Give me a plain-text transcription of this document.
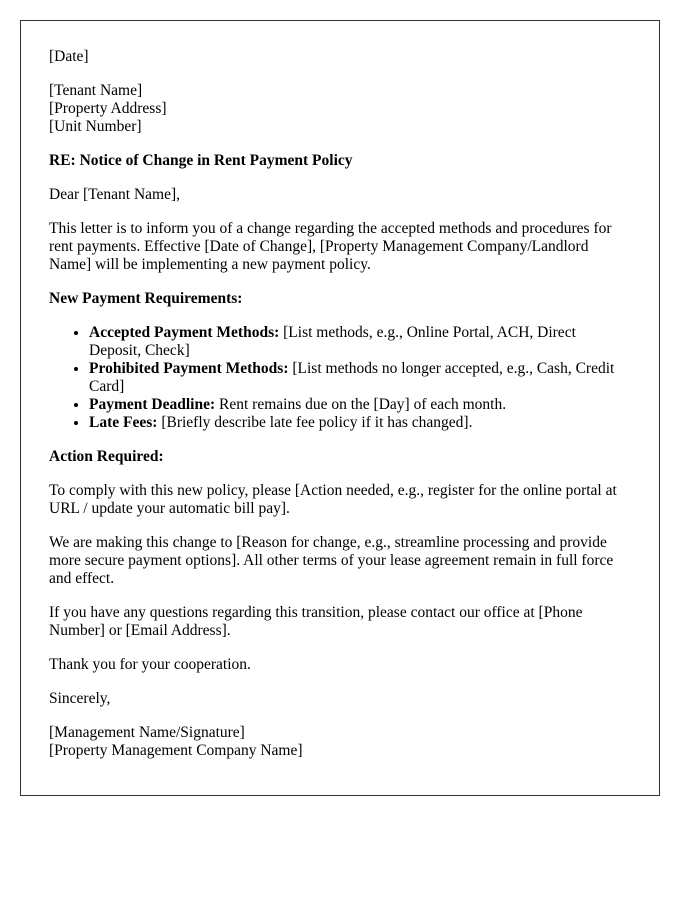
[Date]

[Tenant Name]
[Property Address]
[Unit Number]

RE: Notice of Change in Rent Payment Policy

Dear [Tenant Name],

This letter is to inform you of a change regarding the accepted methods and procedures for rent payments. Effective [Date of Change], [Property Management Company/Landlord Name] will be implementing a new payment policy.

New Payment Requirements:

• Accepted Payment Methods: [List methods, e.g., Online Portal, ACH, Direct Deposit, Check]
• Prohibited Payment Methods: [List methods no longer accepted, e.g., Cash, Credit Card]
• Payment Deadline: Rent remains due on the [Day] of each month.
• Late Fees: [Briefly describe late fee policy if it has changed].

Action Required:

To comply with this new policy, please [Action needed, e.g., register for the online portal at URL / update your automatic bill pay].

We are making this change to [Reason for change, e.g., streamline processing and provide more secure payment options]. All other terms of your lease agreement remain in full force and effect.

If you have any questions regarding this transition, please contact our office at [Phone Number] or [Email Address].

Thank you for your cooperation.

Sincerely,

[Management Name/Signature]
[Property Management Company Name]
